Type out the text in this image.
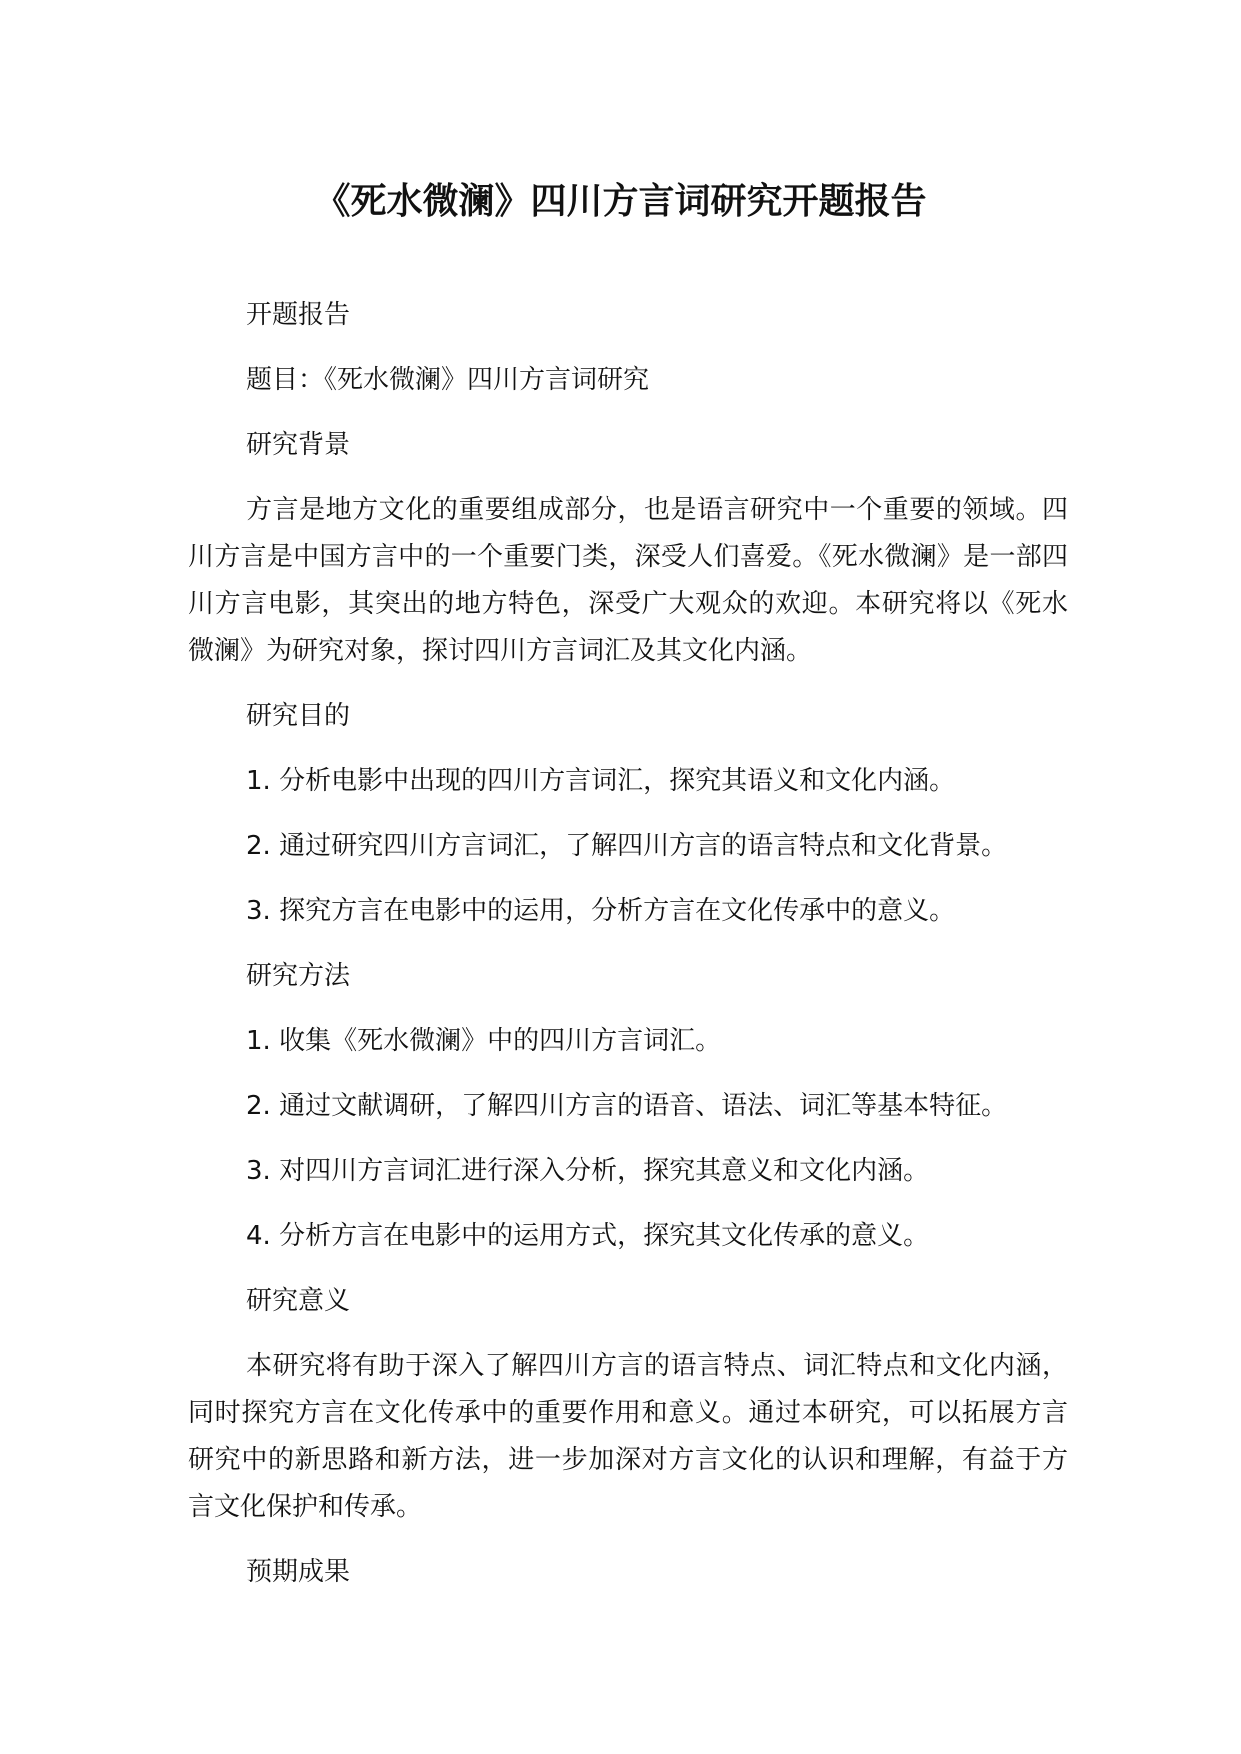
《死水微澜》四川方言词研究开题报告

开题报告

题目：《死水微澜》四川方言词研究

研究背景

方言是地方文化的重要组成部分，也是语言研究中一个重要的领域。四川方言是中国方言中的一个重要门类，深受人们喜爱。《死水微澜》是一部四川方言电影，其突出的地方特色，深受广大观众的欢迎。本研究将以《死水微澜》为研究对象，探讨四川方言词汇及其文化内涵。

研究目的

1. 分析电影中出现的四川方言词汇，探究其语义和文化内涵。

2. 通过研究四川方言词汇，了解四川方言的语言特点和文化背景。

3. 探究方言在电影中的运用，分析方言在文化传承中的意义。

研究方法

1. 收集《死水微澜》中的四川方言词汇。

2. 通过文献调研，了解四川方言的语音、语法、词汇等基本特征。

3. 对四川方言词汇进行深入分析，探究其意义和文化内涵。

4. 分析方言在电影中的运用方式，探究其文化传承的意义。

研究意义

本研究将有助于深入了解四川方言的语言特点、词汇特点和文化内涵，同时探究方言在文化传承中的重要作用和意义。通过本研究，可以拓展方言研究中的新思路和新方法，进一步加深对方言文化的认识和理解，有益于方言文化保护和传承。

预期成果
